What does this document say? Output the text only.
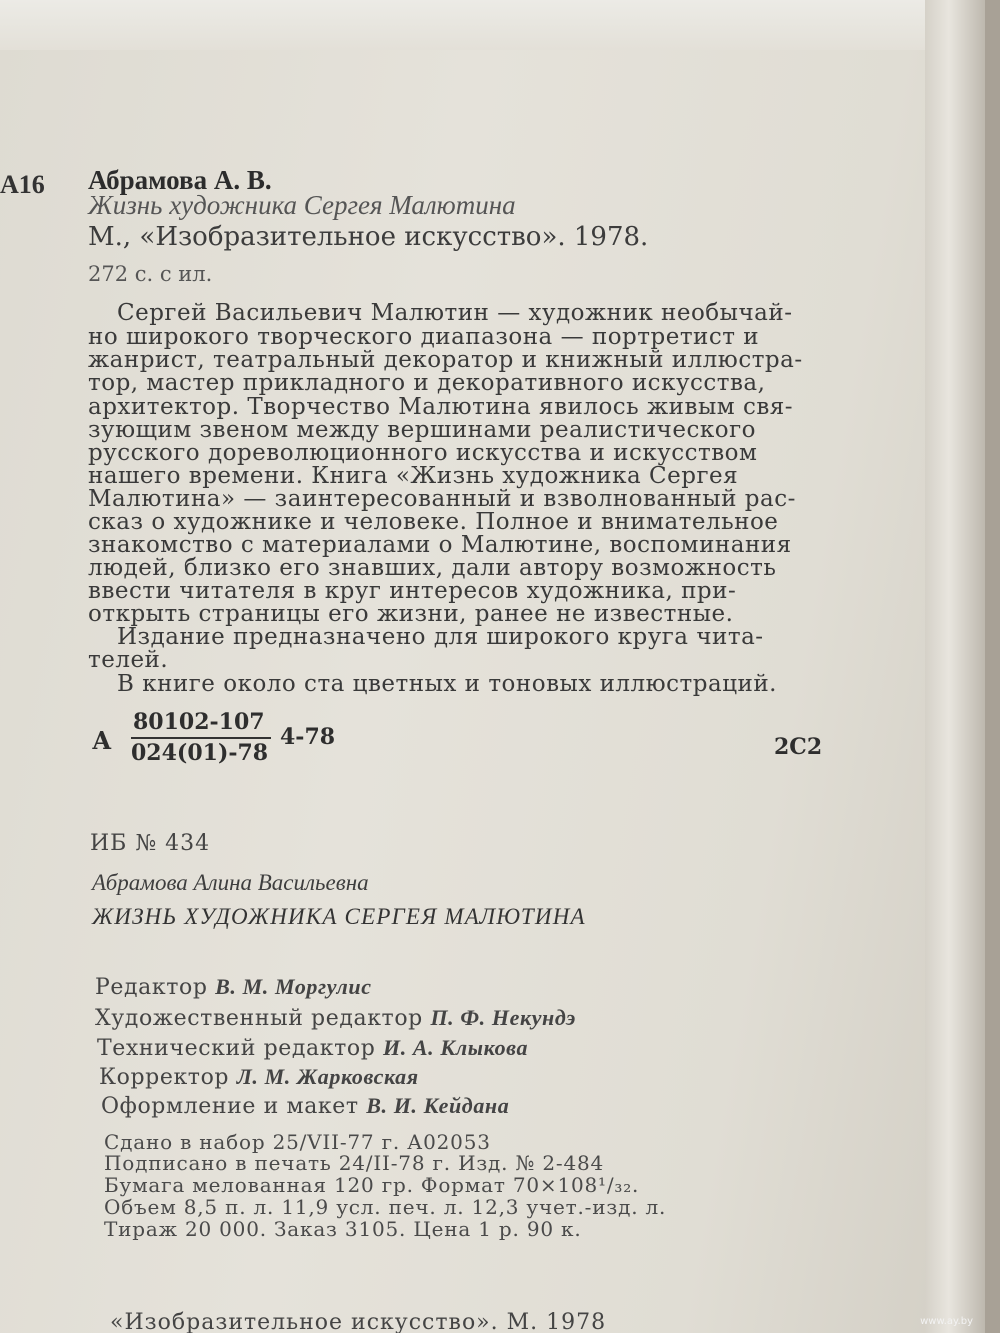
А16 Абрамова А. В.
Жизнь художника Сергея Малютина
М., «Изобразительное искусство». 1978.
272 с. с ил.
Сергей Васильевич Малютин — художник необычай-
но широкого творческого диапазона — портретист и
жанрист, театральный декоратор и книжный иллюстра-
тор, мастер прикладного и декоративного искусства,
архитектор. Творчество Малютина явилось живым свя-
зующим звеном между вершинами реалистического
русского дореволюционного искусства и искусством
нашего времени. Книга «Жизнь художника Сергея
Малютина» — заинтересованный и взволнованный рас-
сказ о художнике и человеке. Полное и внимательное
знакомство с материалами о Малютине, воспоминания
людей, близко его знавших, дали автору возможность
ввести читателя в круг интересов художника, при-
открыть страницы его жизни, ранее не известные.
Издание предназначено для широкого круга чита-
телей.
В книге около ста цветных и тоновых иллюстраций.
А
80102-107
024(01)-78
4-78	2С2
ИБ № 434
Абрамова Алина Васильевна
ЖИЗНЬ ХУДОЖНИКА СЕРГЕЯ МАЛЮТИНА
Редактор В. М. Моргулис
Художественный редактор П. Ф. Некундэ
Технический редактор И. А. Клыкова
Корректор Л. М. Жарковская
Оформление и макет В. И. Кейдана
Сдано в набор 25/VII-77 г. А02053
Подписано в печать 24/II-78 г. Изд. № 2-484
Бумага мелованная 120 гр. Формат 70×108¹/₃₂.
Объем 8,5 п. л. 11,9 усл. печ. л. 12,3 учет.-изд. л.
Тираж 20 000. Заказ 3105. Цена 1 р. 90 к.
«Изобразительное искусство». М. 1978	www.ay.by
